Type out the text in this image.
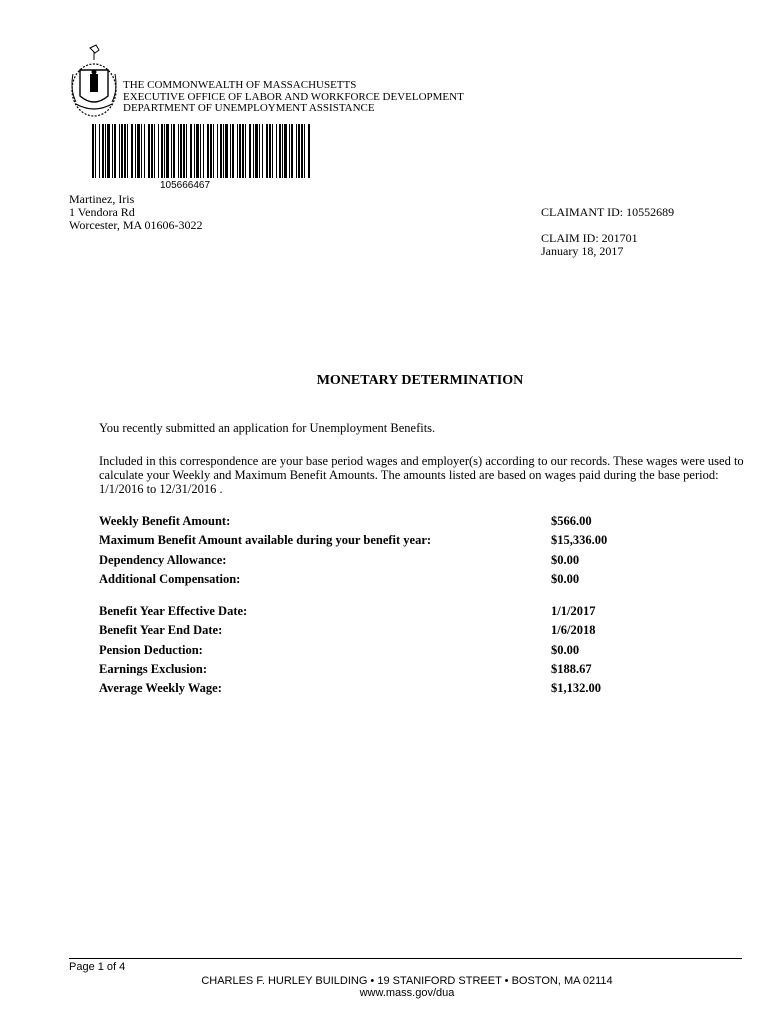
THE COMMONWEALTH OF MASSACHUSETTS
EXECUTIVE OFFICE OF LABOR AND WORKFORCE DEVELOPMENT
DEPARTMENT OF UNEMPLOYMENT ASSISTANCE
105666467
Martinez, Iris
1 Vendora Rd
Worcester, MA 01606-3022
CLAIMANT ID: 10552689
CLAIM ID: 201701
January 18, 2017
MONETARY DETERMINATION
You recently submitted an application for Unemployment Benefits.
Included in this correspondence are your base period wages and employer(s) according to our records. These wages were used to calculate your Weekly and Maximum Benefit Amounts. The amounts listed are based on wages paid during the base period: 1/1/2016 to 12/31/2016 .
Weekly Benefit Amount:	$566.00
Maximum Benefit Amount available during your benefit year:	$15,336.00
Dependency Allowance:	$0.00
Additional Compensation:	$0.00
Benefit Year Effective Date:	1/1/2017
Benefit Year End Date:	1/6/2018
Pension Deduction:	$0.00
Earnings Exclusion:	$188.67
Average Weekly Wage:	$1,132.00
Page 1 of 4
CHARLES F. HURLEY BUILDING • 19 STANIFORD STREET • BOSTON, MA 02114
www.mass.gov/dua
